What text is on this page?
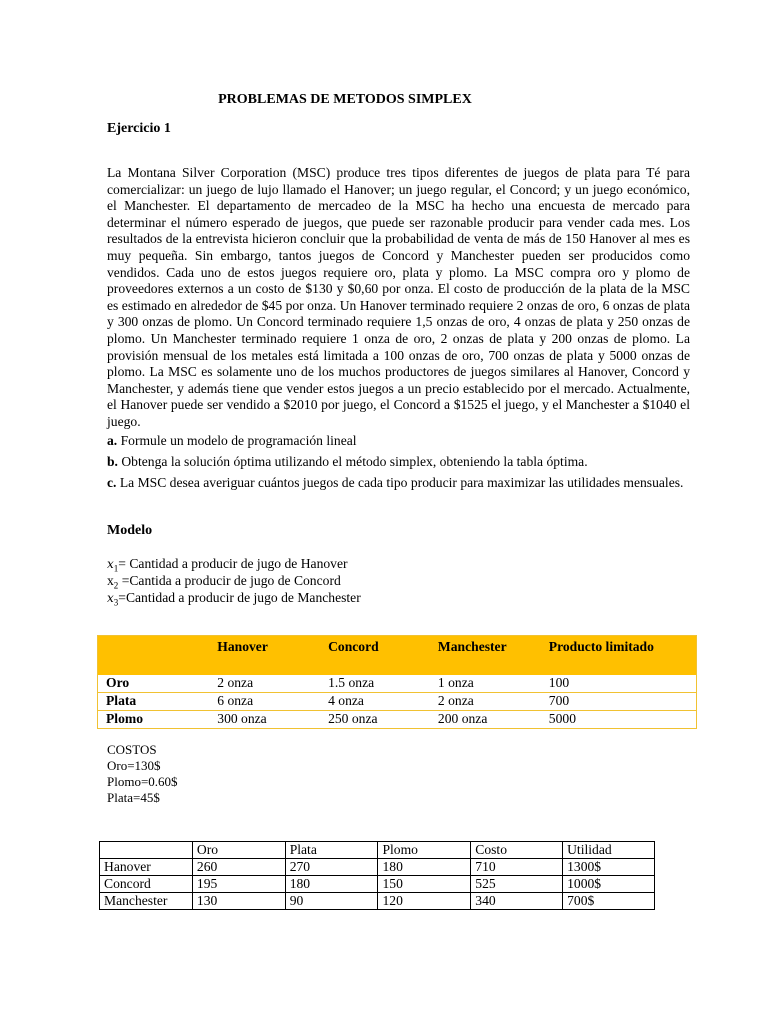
PROBLEMAS DE METODOS SIMPLEX
Ejercicio 1
La Montana Silver Corporation (MSC) produce tres tipos diferentes de juegos de plata para Té para comercializar: un juego de lujo llamado el Hanover; un juego regular, el Concord; y un juego económico, el Manchester. El departamento de mercadeo de la MSC ha hecho una encuesta de mercado para determinar el número esperado de juegos, que puede ser razonable producir para vender cada mes. Los resultados de la entrevista hicieron concluir que la probabilidad de venta de más de 150 Hanover al mes es muy pequeña. Sin embargo, tantos juegos de Concord y Manchester pueden ser producidos como vendidos. Cada uno de estos juegos requiere oro, plata y plomo. La MSC compra oro y plomo de proveedores externos a un costo de $130 y $0,60 por onza. El costo de producción de la plata de la MSC es estimado en alrededor de $45 por onza. Un Hanover terminado requiere 2 onzas de oro, 6 onzas de plata y 300 onzas de plomo. Un Concord terminado requiere 1,5 onzas de oro, 4 onzas de plata y 250 onzas de plomo. Un Manchester terminado requiere 1 onza de oro, 2 onzas de plata y 200 onzas de plomo. La provisión mensual de los metales está limitada a 100 onzas de oro, 700 onzas de plata y 5000 onzas de plomo. La MSC es solamente uno de los muchos productores de juegos similares al Hanover, Concord y Manchester, y además tiene que vender estos juegos a un precio establecido por el mercado. Actualmente, el Hanover puede ser vendido a $2010 por juego, el Concord a $1525 el juego, y el Manchester a $1040 el juego.
a. Formule un modelo de programación lineal
b. Obtenga la solución óptima utilizando el método simplex, obteniendo la tabla óptima.
c. La MSC desea averiguar cuántos juegos de cada tipo producir para maximizar las utilidades mensuales.
Modelo
$x_1=$ Cantidad a producir de jugo de Hanover
$x_2$ =Cantida a producir de jugo de Concord
$x_3=Cantidad$ a producir de jugo de Manchester
	Hanover	Concord	Manchester	Producto limitado
Oro	2 onza	1.5 onza	1 onza	100
Plata	6 onza	4 onza	2 onza	700
Plomo	300 onza	250 onza	200 onza	5000
COSTOS
Oro=130$
Plomo=0.60$
Plata=45$
	Oro	Plata	Plomo	Costo	Utilidad
Hanover	260	270	180	710	1300$
Concord	195	180	150	525	1000$
Manchester	130	90	120	340	700$
